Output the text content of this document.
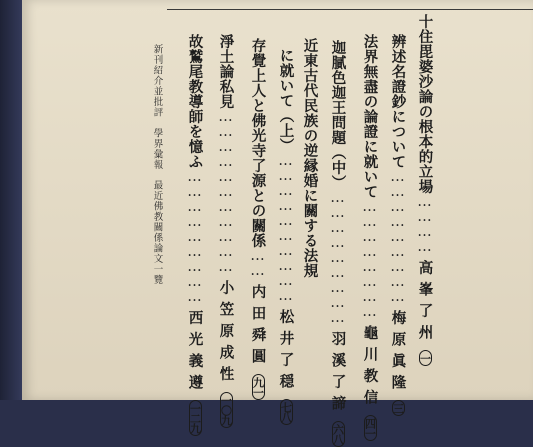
十住毘婆沙論の根本的立場…………高峯了州一
辨述名證鈔について………………………梅原眞隆三
法界無盡の論證に就いて……………………龜川教信四一
迦膩色迦王問題（中）………………………羽溪了諦六八
近東古代民族の逆縁婚に關する法規
に就いて（上）…………………………松井了穏七八
存覺上人と佛光寺了源との關係……内田舜圓九一
淨土論私見……………………………小笠原成性一〇九
故鷲尾教導師を憶ふ………………………西光義遵一二九
新刊紹介並批評學界彙報最近佛教關係論文一覽
